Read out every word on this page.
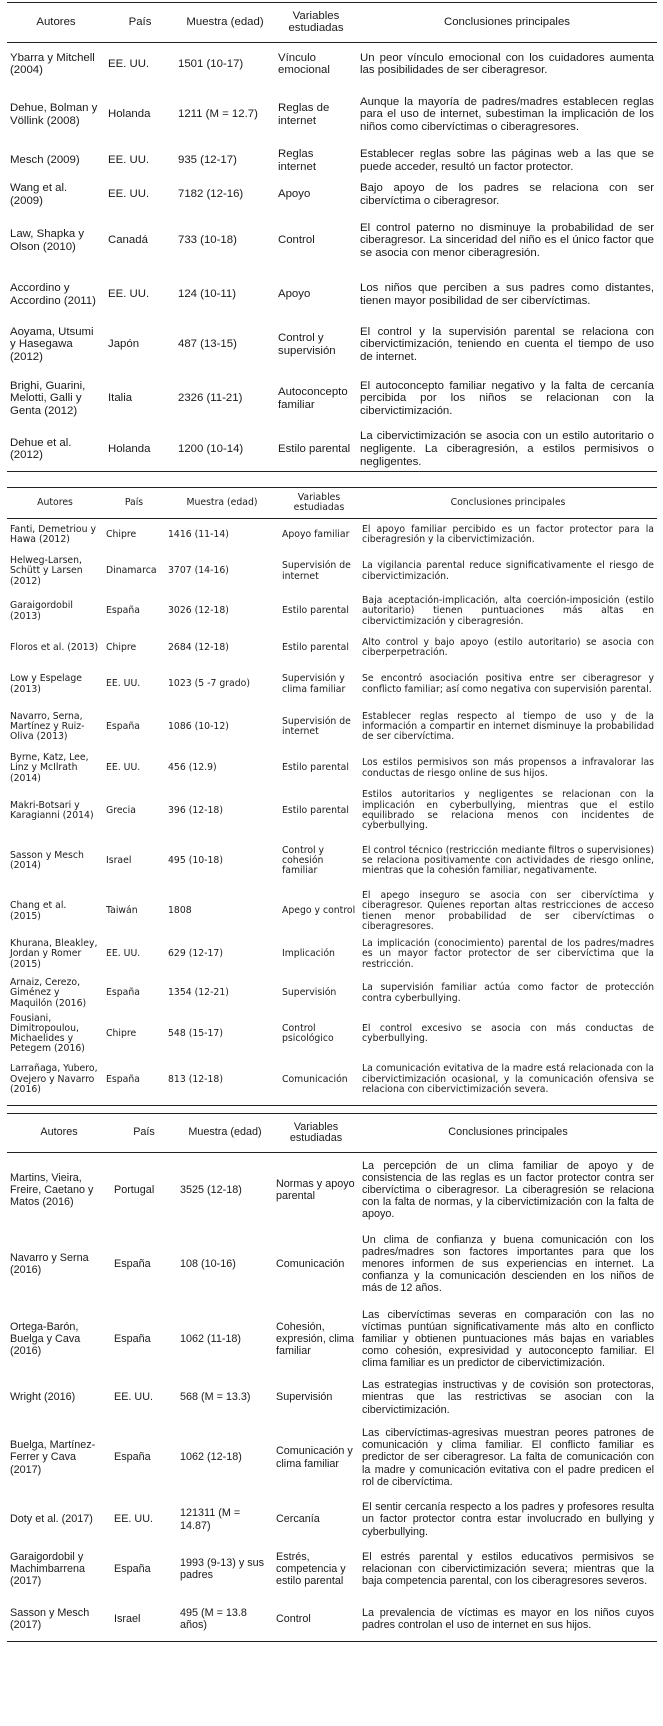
Autores	País	Muestra (edad)	Variables estudiadas	Conclusiones principales
Ybarra y Mitchell (2004)	EE. UU.	1501 (10-17)	Vínculo emocional	Un peor vínculo emocional con los cuidadores aumenta las posibilidades de ser ciberagresor.
Dehue, Bolman y Völlink (2008)	Holanda	1211 (M = 12.7)	Reglas de internet	Aunque la mayoría de padres/madres establecen reglas para el uso de internet, subestiman la implicación de los niños como cibervíctimas o ciberagresores.
Mesch (2009)	EE. UU.	935 (12-17)	Reglas internet	Establecer reglas sobre las páginas web a las que se puede acceder, resultó un factor protector.
Wang et al. (2009)	EE. UU.	7182 (12-16)	Apoyo	Bajo apoyo de los padres se relaciona con ser cibervíctima o ciberagresor.
Law, Shapka y Olson (2010)	Canadá	733 (10-18)	Control	El control paterno no disminuye la probabilidad de ser ciberagresor. La sinceridad del niño es el único factor que se asocia con menor ciberagresión.
Accordino y Accordino (2011)	EE. UU.	124 (10-11)	Apoyo	Los niños que perciben a sus padres como distantes, tienen mayor posibilidad de ser cibervíctimas.
Aoyama, Utsumi y Hasegawa (2012)	Japón	487 (13-15)	Control y supervisión	El control y la supervisión parental se relaciona con cibervictimización, teniendo en cuenta el tiempo de uso de internet.
Brighi, Guarini, Melotti, Galli y Genta (2012)	Italia	2326 (11-21)	Autoconcepto familiar	El autoconcepto familiar negativo y la falta de cercanía percibida por los niños se relacionan con la cibervictimización.
Dehue et al. (2012)	Holanda	1200 (10-14)	Estilo parental	La cibervictimización se asocia con un estilo autoritario o negligente. La ciberagresión, a estilos permisivos o negligentes.
Autores	País	Muestra (edad)	Variables estudiadas	Conclusiones principales
Fanti, Demetriou y Hawa (2012)	Chipre	1416 (11-14)	Apoyo familiar	El apoyo familiar percibido es un factor protector para la ciberagresión y la cibervictimización.
Helweg-Larsen, Schütt y Larsen (2012)	Dinamarca	3707 (14-16)	Supervisión de internet	La vigilancia parental reduce significativamente el riesgo de cibervictimización.
Garaigordobil (2013)	España	3026 (12-18)	Estilo parental	Baja aceptación-implicación, alta coerción-imposición (estilo autoritario) tienen puntuaciones más altas en cibervictimización y ciberagresión.
Floros et al. (2013)	Chipre	2684 (12-18)	Estilo parental	Alto control y bajo apoyo (estilo autoritario) se asocia con ciberperpetración.
Low y Espelage (2013)	EE. UU.	1023 (5 -7 grado)	Supervisión y clima familiar	Se encontró asociación positiva entre ser ciberagresor y conflicto familiar; así como negativa con supervisión parental.
Navarro, Serna, Martínez y Ruiz-Oliva (2013)	España	1086 (10-12)	Supervisión de internet	Establecer reglas respecto al tiempo de uso y de la información a compartir en internet disminuye la probabilidad de ser cibervíctima.
Byrne, Katz, Lee, Linz y McIlrath (2014)	EE. UU.	456 (12.9)	Estilo parental	Los estilos permisivos son más propensos a infravalorar las conductas de riesgo online de sus hijos.
Makri-Botsari y Karagianni (2014)	Grecia	396 (12-18)	Estilo parental	Estilos autoritarios y negligentes se relacionan con la implicación en cyberbullying, mientras que el estilo equilibrado se relaciona menos con incidentes de cyberbullying.
Sasson y Mesch (2014)	Israel	495 (10-18)	Control y cohesión familiar	El control técnico (restricción mediante filtros o supervisiones) se relaciona positivamente con actividades de riesgo online, mientras que la cohesión familiar, negativamente.
Chang et al. (2015)	Taiwán	1808	Apego y control	El apego inseguro se asocia con ser cibervíctima y ciberagresor. Quienes reportan altas restricciones de acceso tienen menor probabilidad de ser cibervíctimas o ciberagresores.
Khurana, Bleakley, Jordan y Romer (2015)	EE. UU.	629 (12-17)	Implicación	La implicación (conocimiento) parental de los padres/madres es un mayor factor protector de ser cibervíctima que la restricción.
Arnaiz, Cerezo, Giménez y Maquilón (2016)	España	1354 (12-21)	Supervisión	La supervisión familiar actúa como factor de protección contra cyberbullying.
Fousiani, Dimitropoulou, Michaelides y Petegem (2016)	Chipre	548 (15-17)	Control psicológico	El control excesivo se asocia con más conductas de cyberbullying.
Larrañaga, Yubero, Ovejero y Navarro (2016)	España	813 (12-18)	Comunicación	La comunicación evitativa de la madre está relacionada con la cibervictimización ocasional, y la comunicación ofensiva se relaciona con cibervictimización severa.
Autores	País	Muestra (edad)	Variables estudiadas	Conclusiones principales
Martins, Vieira, Freire, Caetano y Matos (2016)	Portugal	3525 (12-18)	Normas y apoyo parental	La percepción de un clima familiar de apoyo y de consistencia de las reglas es un factor protector contra ser cibervíctima o ciberagresor. La ciberagresión se relaciona con la falta de normas, y la cibervictimización con la falta de apoyo.
Navarro y Serna (2016)	España	108 (10-16)	Comunicación	Un clima de confianza y buena comunicación con los padres/madres son factores importantes para que los menores informen de sus experiencias en internet. La confianza y la comunicación descienden en los niños de más de 12 años.
Ortega-Barón, Buelga y Cava (2016)	España	1062 (11-18)	Cohesión, expresión, clima familiar	Las cibervíctimas severas en comparación con las no víctimas puntúan significativamente más alto en conflicto familiar y obtienen puntuaciones más bajas en variables como cohesión, expresividad y autoconcepto familiar. El clima familiar es un predictor de cibervictimización.
Wright (2016)	EE. UU.	568 (M = 13.3)	Supervisión	Las estrategias instructivas y de covisión son protectoras, mientras que las restrictivas se asocian con la cibervictimización.
Buelga, Martínez-Ferrer y Cava (2017)	España	1062 (12-18)	Comunicación y clima familiar	Las cibervíctimas-agresivas muestran peores patrones de comunicación y clima familiar. El conflicto familiar es predictor de ser ciberagresor. La falta de comunicación con la madre y comunicación evitativa con el padre predicen el rol de cibervíctima.
Doty et al. (2017)	EE. UU.	121311 (M = 14.87)	Cercanía	El sentir cercanía respecto a los padres y profesores resulta un factor protector contra estar involucrado en bullying y cyberbullying.
Garaigordobil y Machimbarrena (2017)	España	1993 (9-13) y sus padres	Estrés, competencia y estilo parental	El estrés parental y estilos educativos permisivos se relacionan con cibervictimización severa; mientras que la baja competencia parental, con los ciberagresores severos.
Sasson y Mesch (2017)	Israel	495 (M = 13.8 años)	Control	La prevalencia de víctimas es mayor en los niños cuyos padres controlan el uso de internet en sus hijos.
